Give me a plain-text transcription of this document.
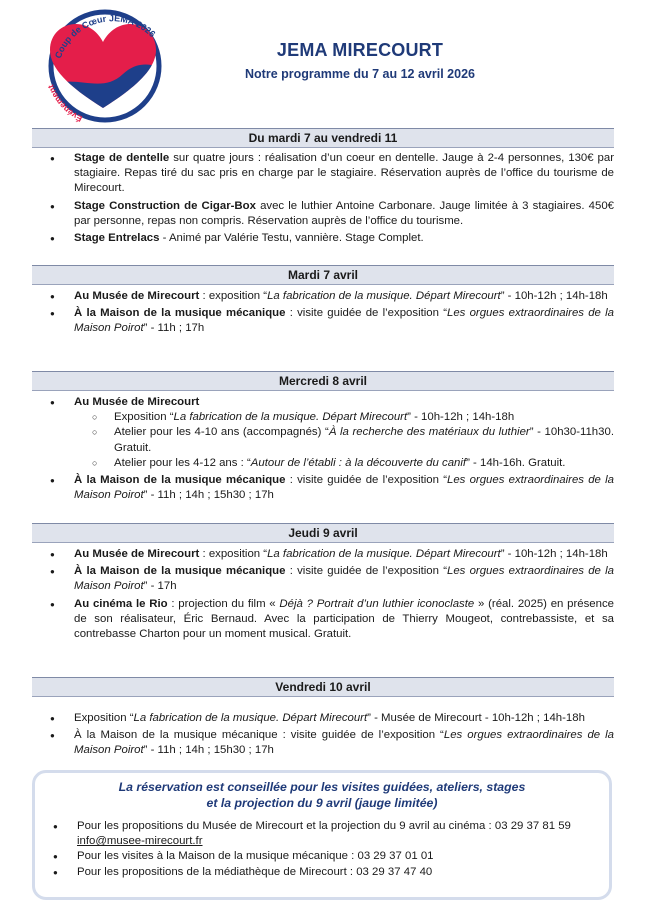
Coup de Cœur JEMA 2026
Événement
JEMA MIRECOURT
Notre programme du 7 au 12 avril 2026
Du mardi 7 au vendredi 11
● Stage de dentelle sur quatre jours : réalisation d’un coeur en dentelle. Jauge à 2-4 personnes, 130€ par stagiaire. Repas tiré du sac pris en charge par le stagiaire. Réservation auprès de l’office du tourisme de Mirecourt.
● Stage Construction de Cigar-Box avec le luthier Antoine Carbonare. Jauge limitée à 3 stagiaires. 450€ par personne, repas non compris. Réservation auprès de l’office du tourisme.
● Stage Entrelacs - Animé par Valérie Testu, vannière. Stage Complet.
Mardi 7 avril
● Au Musée de Mirecourt : exposition “La fabrication de la musique. Départ Mirecourt” - 10h-12h ; 14h-18h
● À la Maison de la musique mécanique : visite guidée de l’exposition “Les orgues extraordinaires de la Maison Poirot” - 11h ; 17h
Mercredi 8 avril
● Au Musée de Mirecourt
○ Exposition “La fabrication de la musique. Départ Mirecourt” - 10h-12h ; 14h-18h
○ Atelier pour les 4-10 ans (accompagnés) “À la recherche des matériaux du luthier” - 10h30-11h30. Gratuit.
○ Atelier pour les 4-12 ans : “Autour de l’établi : à la découverte du canif” - 14h-16h. Gratuit.
● À la Maison de la musique mécanique : visite guidée de l’exposition “Les orgues extraordinaires de la Maison Poirot” - 11h ; 14h ; 15h30 ; 17h
Jeudi 9 avril
● Au Musée de Mirecourt : exposition “La fabrication de la musique. Départ Mirecourt” - 10h-12h ; 14h-18h
● À la Maison de la musique mécanique : visite guidée de l’exposition “Les orgues extraordinaires de la Maison Poirot” - 17h
● Au cinéma le Rio : projection du film « Déjà ? Portrait d’un luthier iconoclaste » (réal. 2025) en présence de son réalisateur, Éric Bernaud. Avec la participation de Thierry Mougeot, contrebassiste, et sa contrebasse Charton pour un moment musical. Gratuit.
Vendredi 10 avril
● Exposition “La fabrication de la musique. Départ Mirecourt” - Musée de Mirecourt - 10h-12h ; 14h-18h
● À la Maison de la musique mécanique : visite guidée de l’exposition “Les orgues extraordinaires de la Maison Poirot” - 11h ; 14h ; 15h30 ; 17h
La réservation est conseillée pour les visites guidées, ateliers, stages
et la projection du 9 avril (jauge limitée)
● Pour les propositions du Musée de Mirecourt et la projection du 9 avril au cinéma : 03 29 37 81 59
info@musee-mirecourt.fr
● Pour les visites à la Maison de la musique mécanique : 03 29 37 01 01
● Pour les propositions de la médiathèque de Mirecourt : 03 29 37 47 40
